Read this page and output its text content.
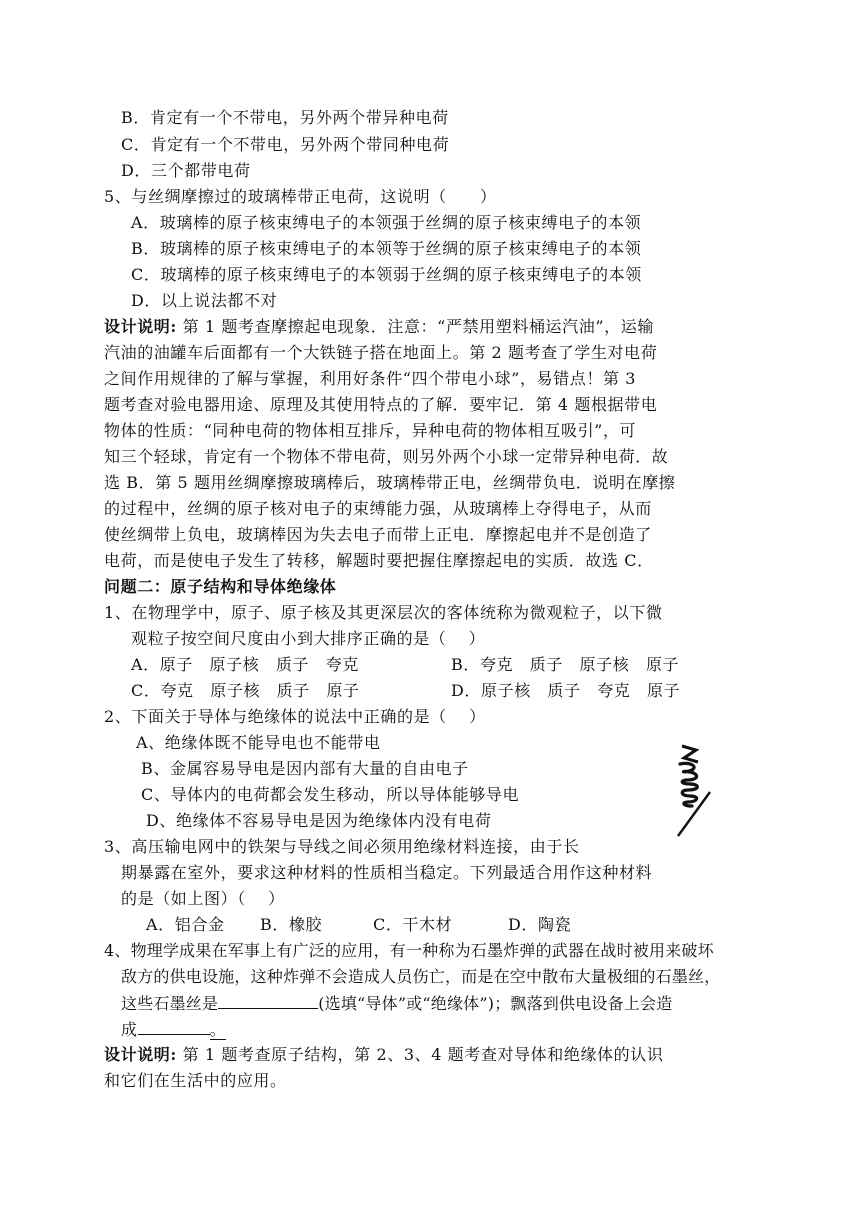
B．肯定有一个不带电，另外两个带异种电荷
C．肯定有一个不带电，另外两个带同种电荷
D．三个都带电荷
5、与丝绸摩擦过的玻璃棒带正电荷，这说明（　　）
A．玻璃棒的原子核束缚电子的本领强于丝绸的原子核束缚电子的本领
B．玻璃棒的原子核束缚电子的本领等于丝绸的原子核束缚电子的本领
C．玻璃棒的原子核束缚电子的本领弱于丝绸的原子核束缚电子的本领
D．以上说法都不对
设计说明: 第 1 题考查摩擦起电现象．注意：“严禁用塑料桶运汽油”，运输
汽油的油罐车后面都有一个大铁链子搭在地面上。第 2 题考查了学生对电荷
之间作用规律的了解与掌握，利用好条件“四个带电小球”，易错点！第 3
题考查对验电器用途、原理及其使用特点的了解．要牢记．第 4 题根据带电
物体的性质：“同种电荷的物体相互排斥，异种电荷的物体相互吸引”，可
知三个轻球，肯定有一个物体不带电荷，则另外两个小球一定带异种电荷．故
选 B．第 5 题用丝绸摩擦玻璃棒后，玻璃棒带正电，丝绸带负电．说明在摩擦
的过程中，丝绸的原子核对电子的束缚能力强，从玻璃棒上夺得电子，从而
使丝绸带上负电，玻璃棒因为失去电子而带上正电．摩擦起电并不是创造了
电荷，而是使电子发生了转移，解题时要把握住摩擦起电的实质．故选 C．
问题二：原子结构和导体绝缘体
1、在物理学中，原子、原子核及其更深层次的客体统称为微观粒子，以下微
观粒子按空间尺度由小到大排序正确的是（　 ）
A．原子　原子核　质子　夸克	B．夸克　质子　原子核　原子
C．夸克　原子核　质子　原子	D．原子核　质子　夸克　原子
2、下面关于导体与绝缘体的说法中正确的是（　 ）
A、绝缘体既不能导电也不能带电
B、金属容易导电是因内部有大量的自由电子
C、导体内的电荷都会发生移动，所以导体能够导电
D、绝缘体不容易导电是因为绝缘体内没有电荷
3、高压输电网中的铁架与导线之间必须用绝缘材料连接，由于长
期暴露在室外，要求这种材料的性质相当稳定。下列最适合用作这种材料
的是（如上图）（　 ）
A．铝合金 B．橡胶	C．干木材	D．陶瓷
4、物理学成果在军事上有广泛的应用，有一种称为石墨炸弹的武器在战时被用来破坏
敌方的供电设施，这种炸弹不会造成人员伤亡，而是在空中散布大量极细的石墨丝，
这些石墨丝是	(选填“导体”或“绝缘体”)；飘落到供电设备上会造
成	。
设计说明: 第 1 题考查原子结构，第 2、3、4 题考查对导体和绝缘体的认识
和它们在生活中的应用。
